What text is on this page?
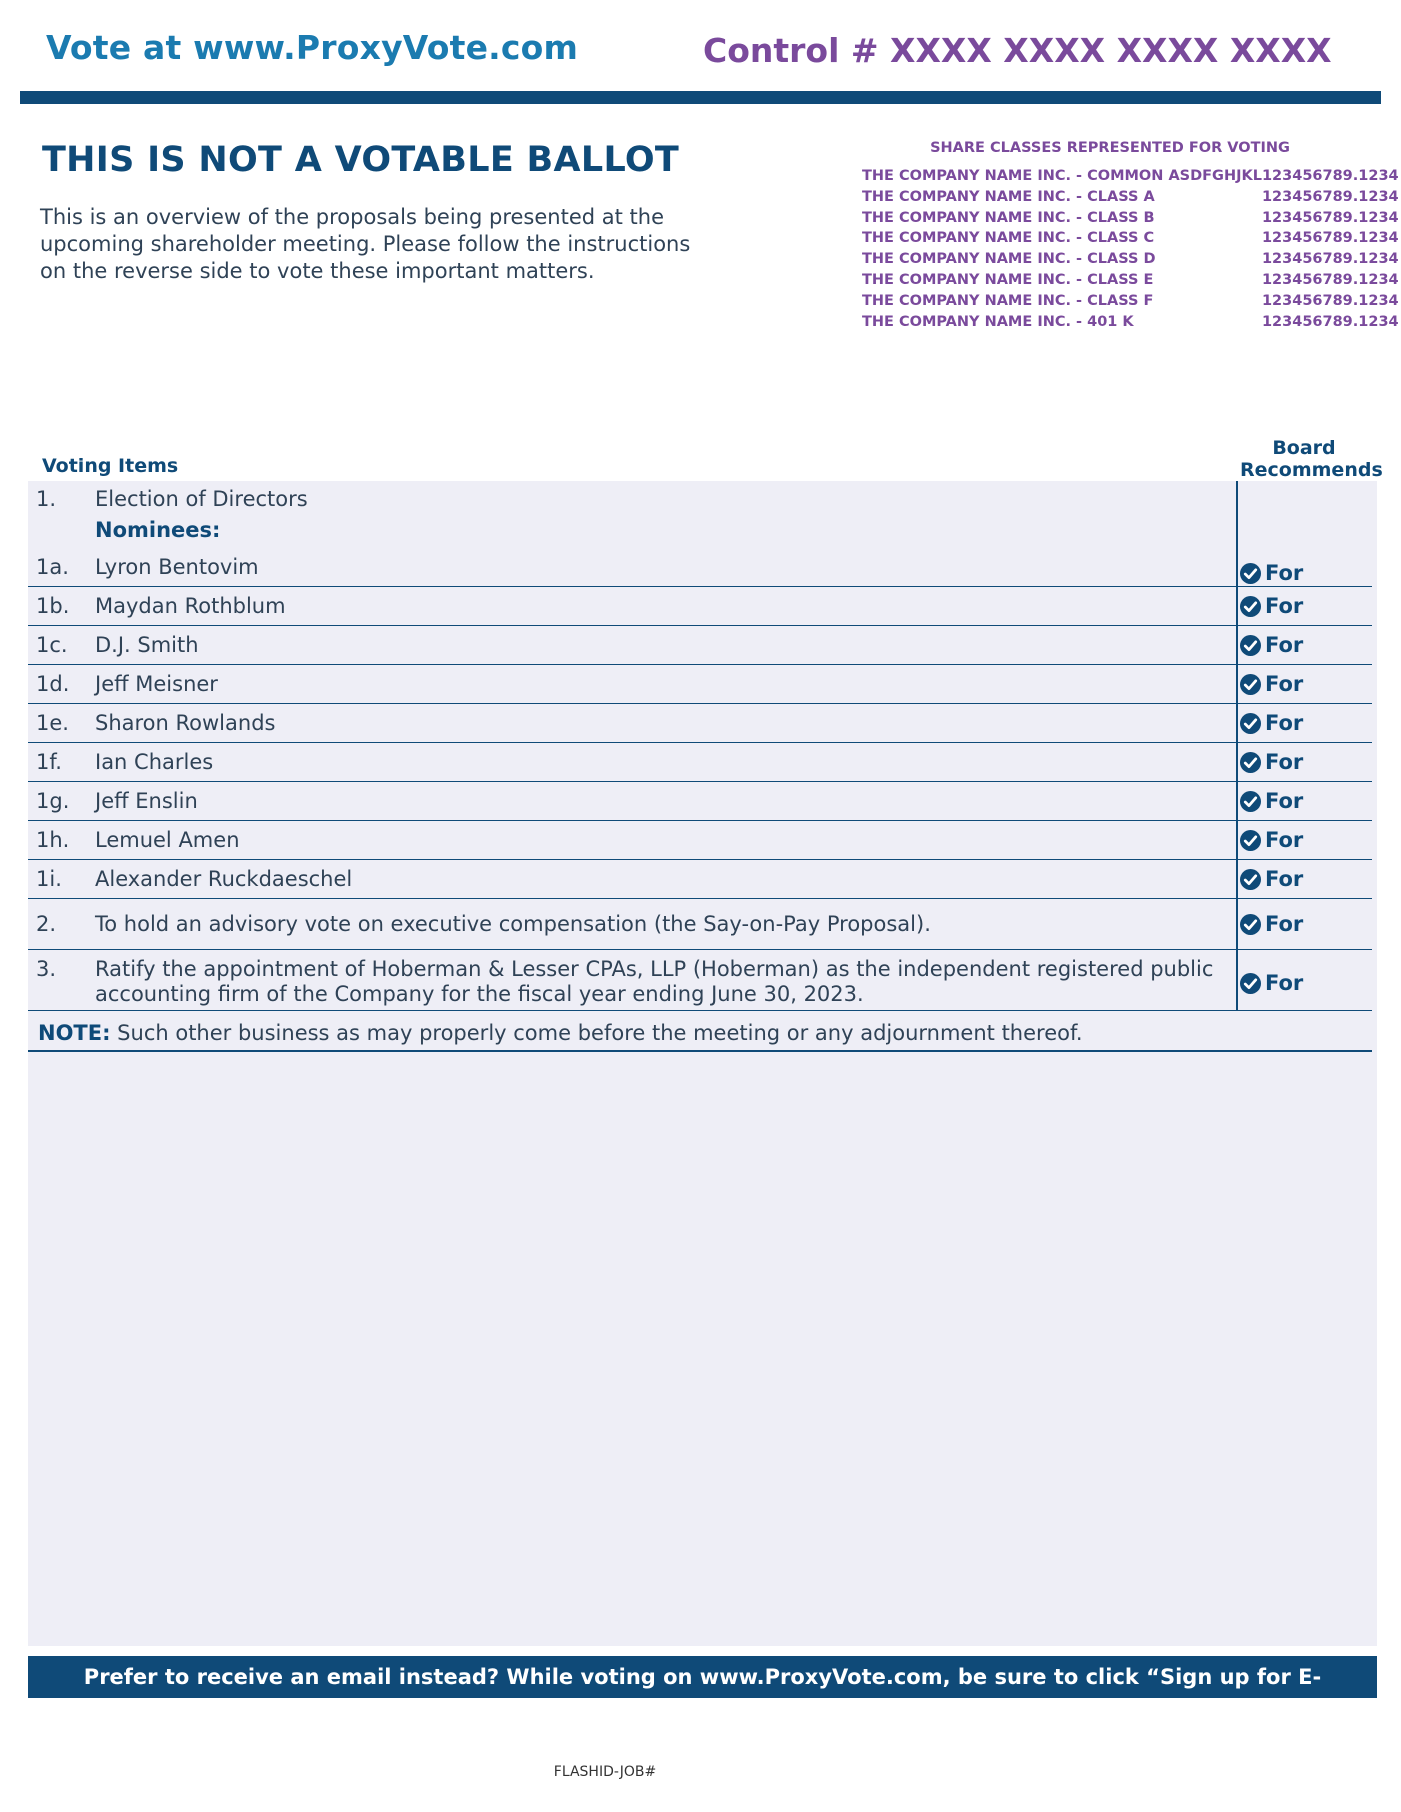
Vote at www.ProxyVote.com	Control # XXXX XXXX XXXX XXXX
THIS IS NOT A VOTABLE BALLOT
This is an overview of the proposals being presented at the upcoming shareholder meeting. Please follow the instructions on the reverse side to vote these important matters.
SHARE CLASSES REPRESENTED FOR VOTING
THE COMPANY NAME INC. - COMMON ASDFGHJKL	123456789.1234
THE COMPANY NAME INC. - CLASS A	123456789.1234
THE COMPANY NAME INC. - CLASS B	123456789.1234
THE COMPANY NAME INC. - CLASS C	123456789.1234
THE COMPANY NAME INC. - CLASS D	123456789.1234
THE COMPANY NAME INC. - CLASS E	123456789.1234
THE COMPANY NAME INC. - CLASS F	123456789.1234
THE COMPANY NAME INC. - 401 K	123456789.1234
Voting Items
Board
Recommends
1. Election of Directors
Nominees:
1a. Lyron Bentovim	For
1b. Maydan Rothblum	For
1c. D.J. Smith	For
1d. Jeff Meisner	For
1e. Sharon Rowlands	For
1f. Ian Charles	For
1g. Jeff Enslin	For
1h. Lemuel Amen	For
1i. Alexander Ruckdaeschel	For
2. To hold an advisory vote on executive compensation (the Say-on-Pay Proposal).	For
3. Ratify the appointment of Hoberman & Lesser CPAs, LLP (Hoberman) as the independent registered public
accounting firm of the Company for the fiscal year ending June 30, 2023.	For
NOTE: Such other business as may properly come before the meeting or any adjournment thereof.
Prefer to receive an email instead? While voting on www.ProxyVote.com, be sure to click “Sign up for E-delivery”.
FLASHID-JOB#
